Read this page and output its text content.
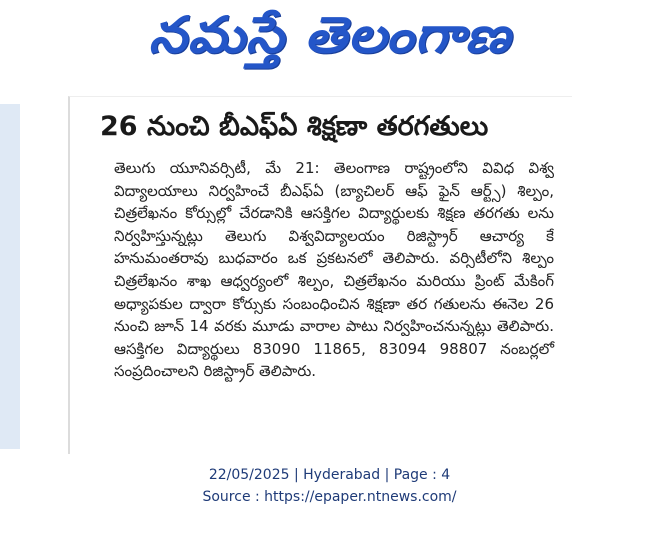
నమస్తే తెలంగాణ
26 నుంచి బీఎఫ్ఏ శిక్షణా తరగతులు
తెలుగు యూనివర్సిటీ, మే 21: తెలంగాణ రాష్ట్రంలోని వివిధ విశ్వ విద్యాలయాలు నిర్వహించే బీఎఫ్ఏ (బ్యాచిలర్ ఆఫ్ ఫైన్ ఆర్ట్స్) శిల్పం, చిత్రలేఖనం కోర్సుల్లో చేరడానికి ఆసక్తిగల విద్యార్థులకు శిక్షణ తరగతు లను నిర్వహిస్తున్నట్లు తెలుగు విశ్వవిద్యాలయం రిజిస్ట్రార్ ఆచార్య కే హనుమంతరావు బుధవారం ఒక ప్రకటనలో తెలిపారు. వర్సిటీలోని శిల్పం చిత్రలేఖనం శాఖ ఆధ్వర్యంలో శిల్పం, చిత్రలేఖనం మరియు ప్రింట్ మేకింగ్ అధ్యాపకుల ద్వారా కోర్సుకు సంబంధించిన శిక్షణా తర గతులను ఈనెల 26 నుంచి జూన్ 14 వరకు మూడు వారాల పాటు నిర్వహించనున్నట్లు తెలిపారు. ఆసక్తిగల విద్యార్థులు 83090 11865, 83094 98807 నంబర్లలో సంప్రదించాలని రిజిస్ట్రార్ తెలిపారు.
22/05/2025 | Hyderabad | Page : 4
Source : https://epaper.ntnews.com/
